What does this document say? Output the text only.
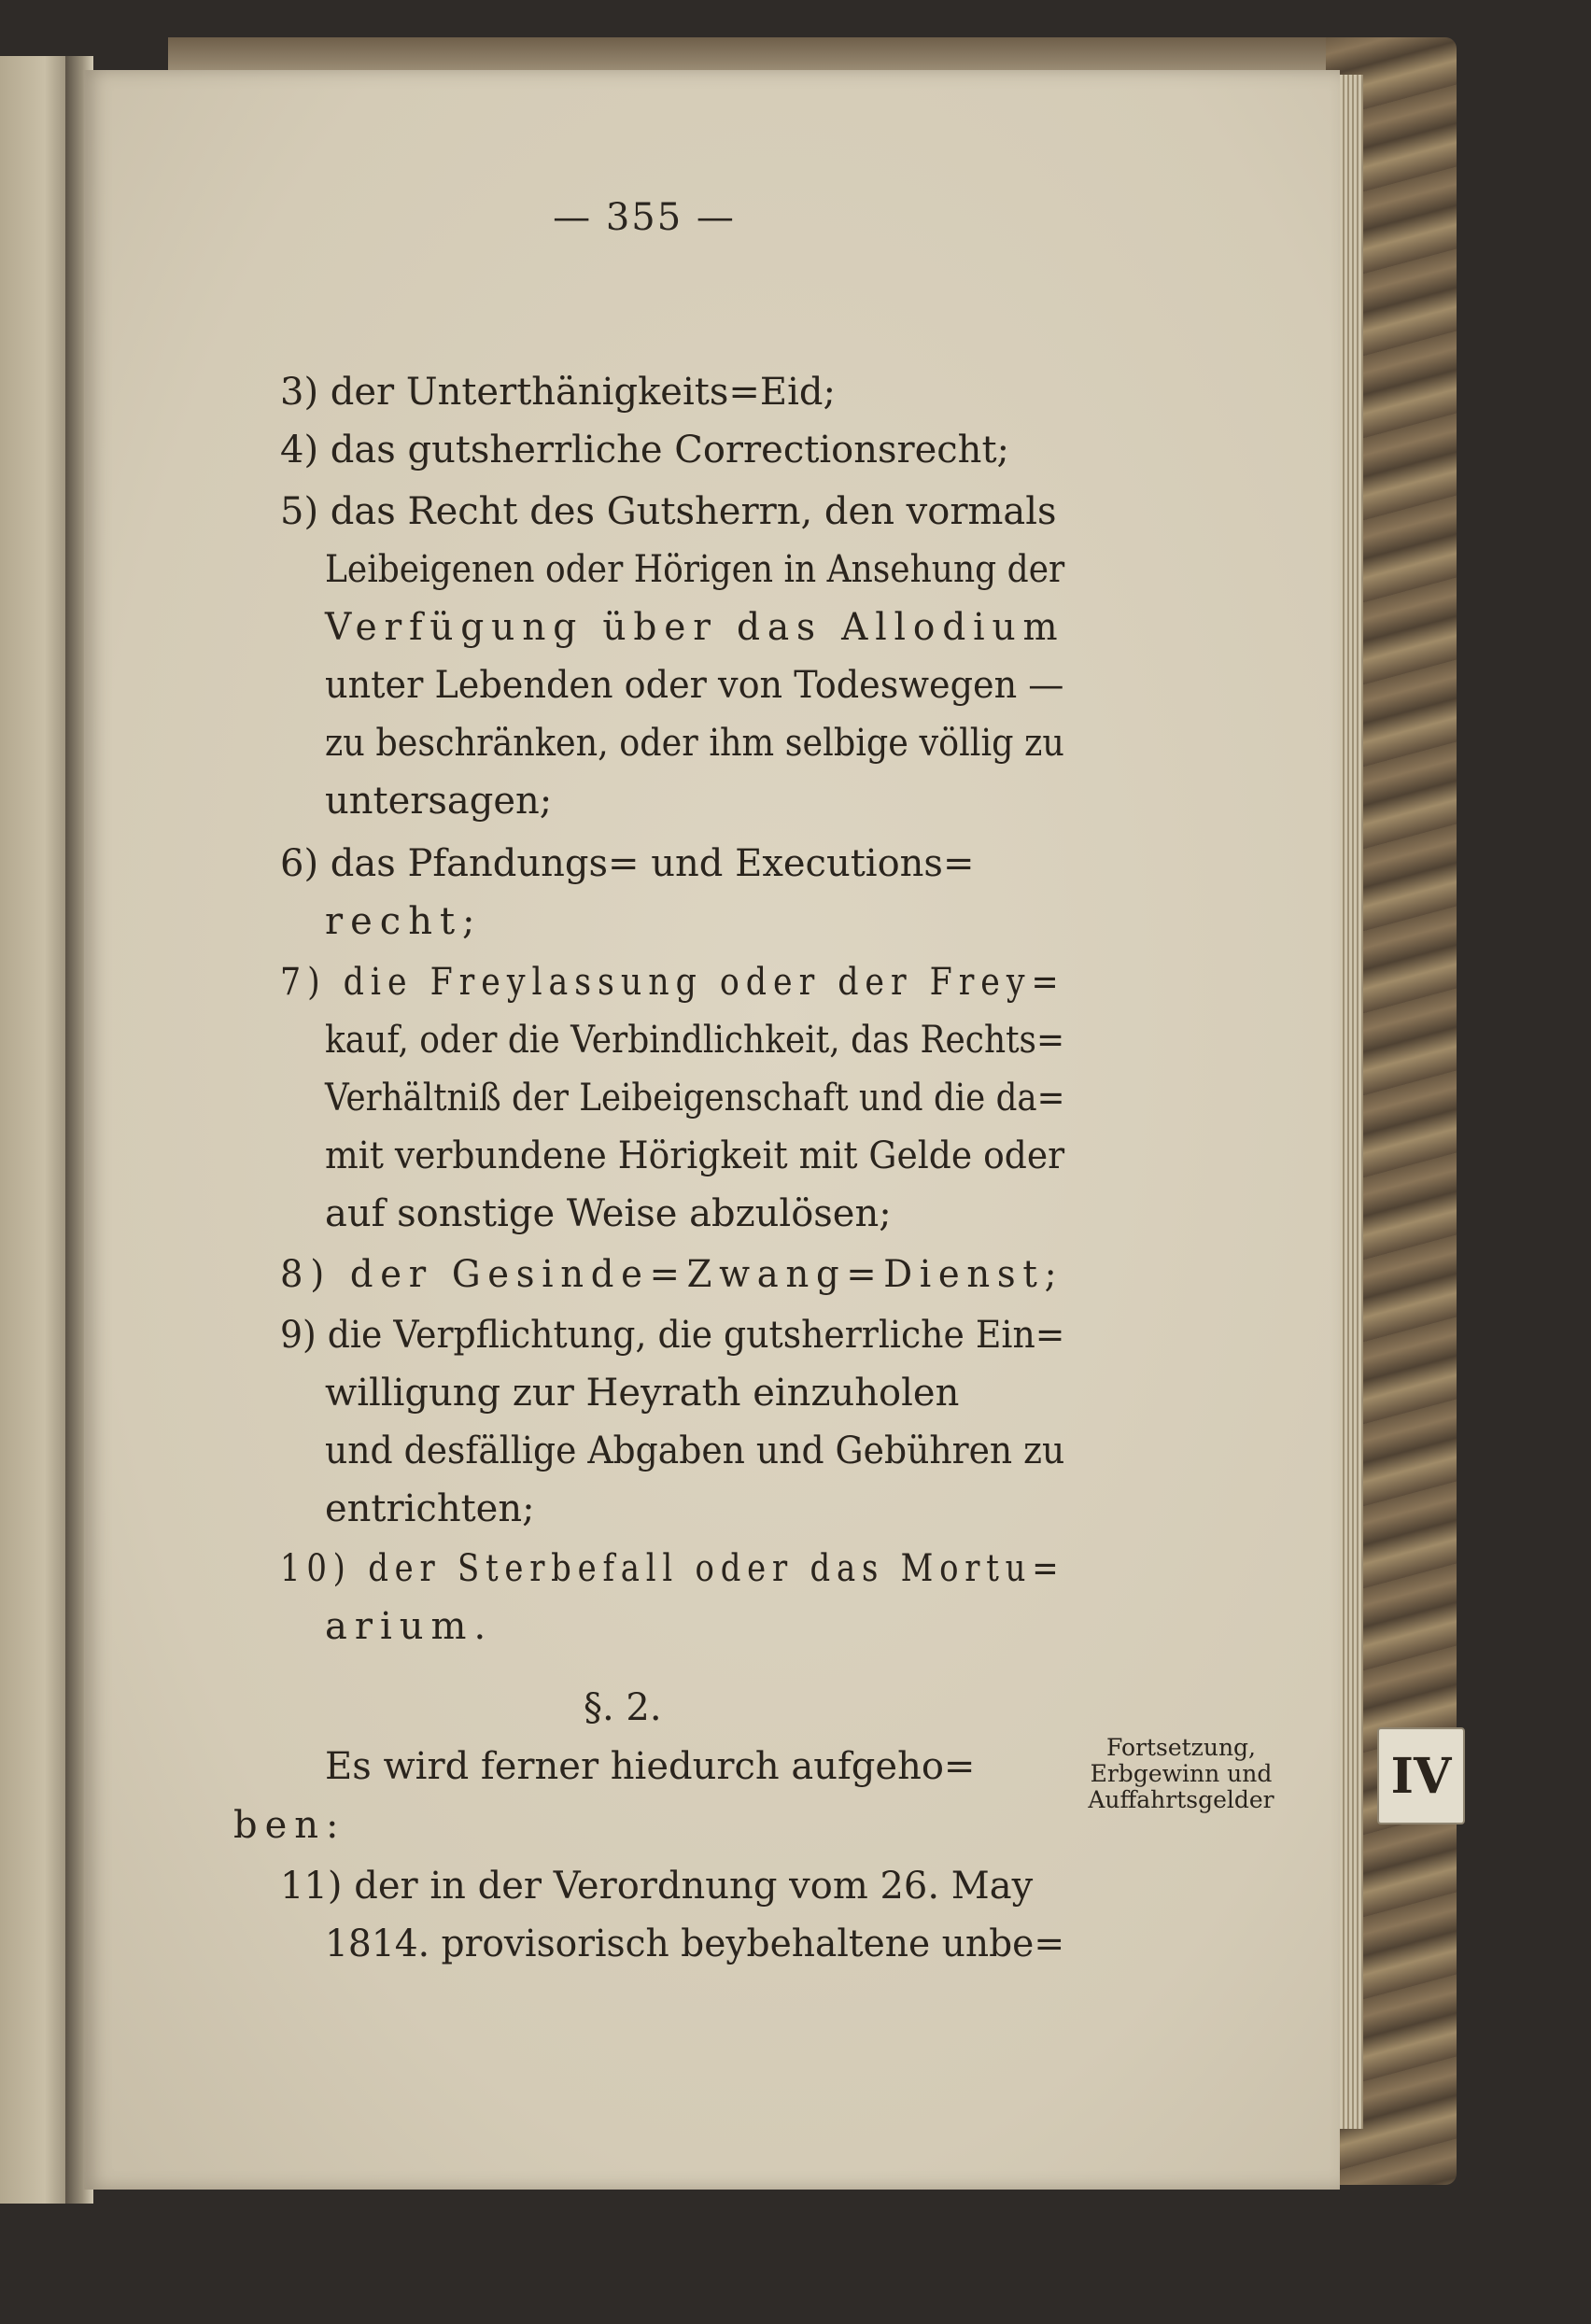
— 355 —
3) der Unterthänigkeits=Eid;
4) das gutsherrliche Correctionsrecht;
5) das Recht des Gutsherrn, den vormals
Leibeigenen oder Hörigen in Ansehung der
Verfügung über das Allodium
unter Lebenden oder von Todeswegen —
zu beschränken, oder ihm selbige völlig zu
untersagen;
6) das Pfandungs= und Executions=
recht;
7) die Freylassung oder der Frey=
kauf, oder die Verbindlichkeit, das Rechts=
Verhältniß der Leibeigenschaft und die da=
mit verbundene Hörigkeit mit Gelde oder
auf sonstige Weise abzulösen;
8) der Gesinde=Zwang=Dienst;
9) die Verpflichtung, die gutsherrliche Ein=
willigung zur Heyrath einzuholen
und desfällige Abgaben und Gebühren zu
entrichten;
10) der Sterbefall oder das Mortu=
arium.
Es wird ferner hiedurch aufgeho=
ben:
11) der in der Verordnung vom 26. May
1814. provisorisch beybehaltene unbe=
§. 2.
Fortsetzung,
Erbgewinn und
Auffahrtsgelder	IV
